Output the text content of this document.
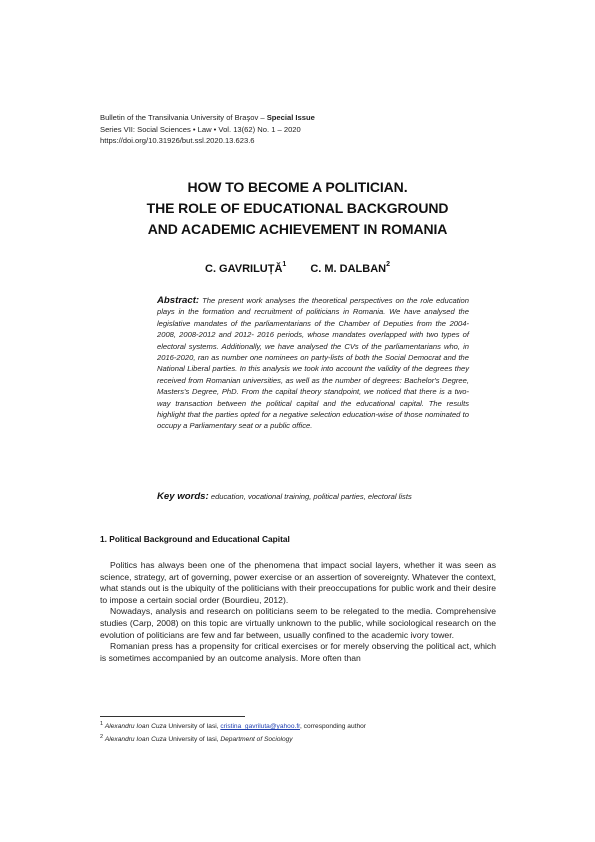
Bulletin of the Transilvania University of Braşov – Special Issue
Series VII: Social Sciences • Law • Vol. 13(62) No. 1 – 2020
https://doi.org/10.31926/but.ssl.2020.13.623.6
HOW TO BECOME A POLITICIAN.
THE ROLE OF EDUCATIONAL BACKGROUND
AND ACADEMIC ACHIEVEMENT IN ROMANIA
C. GAVRILUȚĂ$^1$ C. M. DALBAN$^2$
Abstract: The present work analyses the theoretical perspectives on the role education plays in the formation and recruitment of politicians in Romania. We have analysed the legislative mandates of the parliamentarians of the Chamber of Deputies from the 2004-2008, 2008-2012 and 2012- 2016 periods, whose mandates overlapped with two types of electoral systems. Additionally, we have analysed the CVs of the parliamentarians who, in 2016-2020, ran as number one nominees on party-lists of both the Social Democrat and the National Liberal parties. In this analysis we took into account the validity of the degrees they received from Romanian universities, as well as the number of degrees: Bachelor's Degree, Masters's Degree, PhD. From the capital theory standpoint, we noticed that there is a two-way transaction between the political capital and the educational capital. The results highlight that the parties opted for a negative selection education-wise of those nominated to occupy a Parliamentary seat or a public office.
Key words: education, vocational training, political parties, electoral lists
1. Political Background and Educational Capital

Politics has always been one of the phenomena that impact social layers, whether it was seen as science, strategy, art of governing, power exercise or an assertion of sovereignty. Whatever the context, what stands out is the ubiquity of the politicians with their preoccupations for public work and their desire to impose a certain social order (Bourdieu, 2012).

Nowadays, analysis and research on politicians seem to be relegated to the media. Comprehensive studies (Carp, 2008) on this topic are virtually unknown to the public, while sociological research on the evolution of politicians are few and far between, usually confined to the academic ivory tower.

Romanian press has a propensity for critical exercises or for merely observing the political act, which is sometimes accompanied by an outcome analysis. More often than

$^1$ Alexandru Ioan Cuza University of Iasi, cristina_gavriluta@yahoo.fr, corresponding author
$^2$ Alexandru Ioan Cuza University of Iasi, Department of Sociology
